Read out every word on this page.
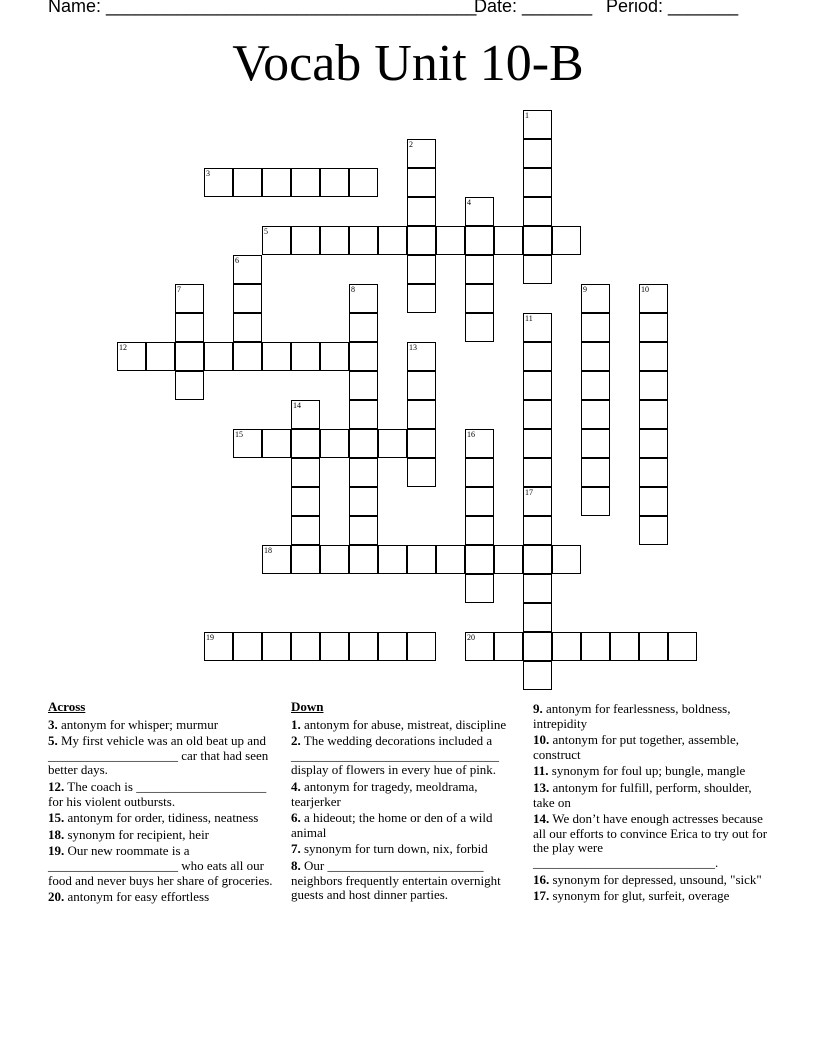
Name: _____________________________________
Date: _______ Period: _______
Vocab Unit 10-B
3
5
12
15
18
19	20
1
2
4
6
7	8	9	10
11
13
14
16
17
Across
3. antonym for whisper; murmur
5. My first vehicle was an old beat up and ____________________ car that had seen better days.
12. The coach is ____________________ for his violent outbursts.
15. antonym for order, tidiness, neatness
18. synonym for recipient, heir
19. Our new roommate is a ____________________ who eats all our food and never buys her share of groceries.
20. antonym for easy effortless
Down
1. antonym for abuse, mistreat, discipline
2. The wedding decorations included a ________________________________ display of flowers in every hue of pink.
4. antonym for tragedy, meoldrama, tearjerker
6. a hideout; the home or den of a wild animal
7. synonym for turn down, nix, forbid
8. Our ________________________ neighbors frequently entertain overnight guests and host dinner parties.
9. antonym for fearlessness, boldness, intrepidity
10. antonym for put together, assemble, construct
11. synonym for foul up; bungle, mangle
13. antonym for fulfill, perform, shoulder, take on
14. We don’t have enough actresses because all our efforts to convince Erica to try out for the play were ____________________________.
16. synonym for depressed, unsound, "sick"
17. synonym for glut, surfeit, overage
